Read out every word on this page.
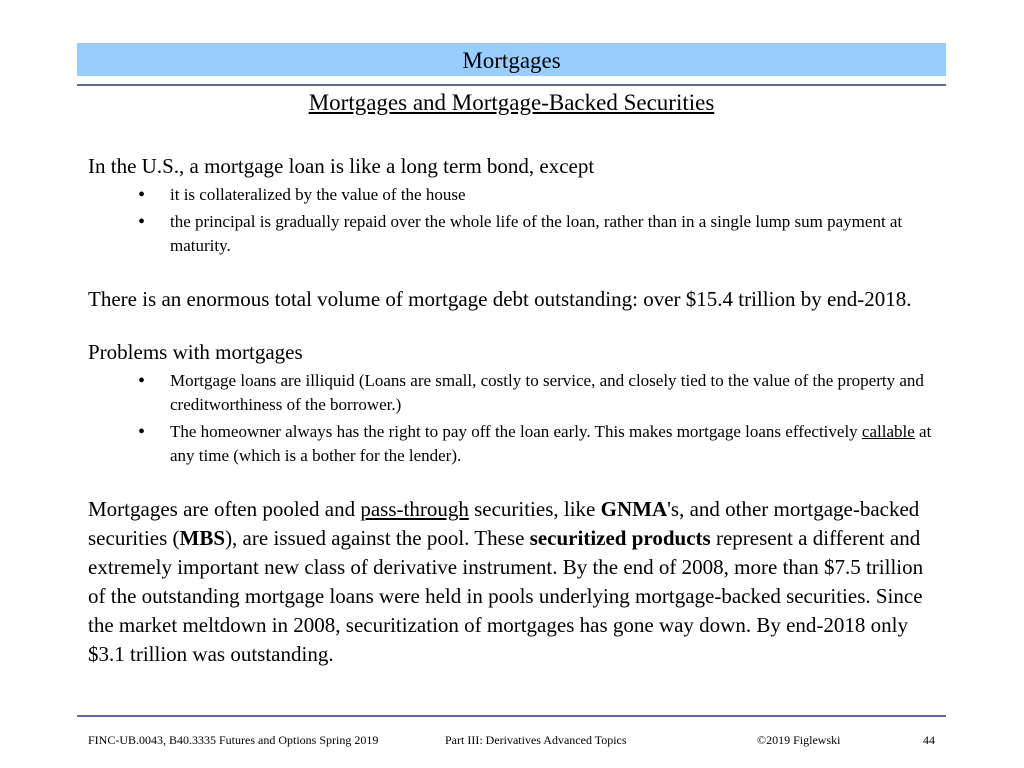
Mortgages
Mortgages and Mortgage-Backed Securities

In the U.S., a mortgage loan is like a long term bond, except

• it is collateralized by the value of the house
• the principal is gradually repaid over the whole life of the loan, rather than in a single lump sum payment at maturity.

There is an enormous total volume of mortgage debt outstanding: over $15.4 trillion by end-2018.

Problems with mortgages

• Mortgage loans are illiquid (Loans are small, costly to service, and closely tied to the value of the property and creditworthiness of the borrower.)
• The homeowner always has the right to pay off the loan early. This makes mortgage loans effectively callable at any time (which is a bother for the lender).

Mortgages are often pooled and pass-through securities, like GNMA's, and other mortgage-backed securities (MBS), are issued against the pool. These securitized products represent a different and extremely important new class of derivative instrument. By the end of 2008, more than $7.5 trillion of the outstanding mortgage loans were held in pools underlying mortgage-backed securities. Since the market meltdown in 2008, securitization of mortgages has gone way down. By end-2018 only $3.1 trillion was outstanding.

FINC-UB.0043, B40.3335 Futures and Options Spring 2019	Part III: Derivatives Advanced Topics	©2019 Figlewski	44
